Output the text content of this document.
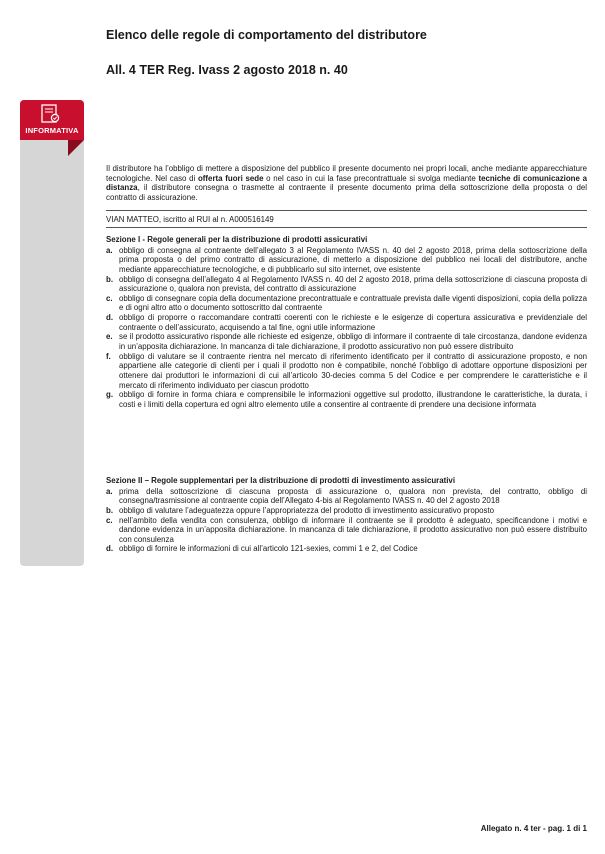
Elenco delle regole di comportamento del distributore
All. 4 TER Reg. Ivass 2 agosto 2018 n. 40
INFORMATIVA
Il distributore ha l’obbligo di mettere a disposizione del pubblico il presente documento nei propri locali, anche mediante apparecchiature tecnologiche. Nel caso di offerta fuori sede o nel caso in cui la fase precontrattuale si svolga mediante tecniche di comunicazione a distanza, il distributore consegna o trasmette al contraente il presente documento prima della sottoscrizione della proposta o del contratto di assicurazione.
VIAN MATTEO, iscritto al RUI al n. A000516149
Sezione I - Regole generali per la distribuzione di prodotti assicurativi
a. obbligo di consegna al contraente dell’allegato 3 al Regolamento IVASS n. 40 del 2 agosto 2018, prima della sottoscrizione della prima proposta o del primo contratto di assicurazione, di metterlo a disposizione del pubblico nei locali del distributore, anche mediante apparecchiature tecnologiche, e di pubblicarlo sul sito internet, ove esistente
b. obbligo di consegna dell’allegato 4 al Regolamento IVASS n. 40 del 2 agosto 2018, prima della sottoscrizione di ciascuna proposta di assicurazione o, qualora non prevista, del contratto di assicurazione
c. obbligo di consegnare copia della documentazione precontrattuale e contrattuale prevista dalle vigenti disposizioni, copia della polizza e di ogni altro atto o documento sottoscritto dal contraente
d. obbligo di proporre o raccomandare contratti coerenti con le richieste e le esigenze di copertura assicurativa e previdenziale del contraente o dell’assicurato, acquisendo a tal fine, ogni utile informazione
e. se il prodotto assicurativo risponde alle richieste ed esigenze, obbligo di informare il contraente di tale circostanza, dandone evidenza in un’apposita dichiarazione. In mancanza di tale dichiarazione, il prodotto assicurativo non può essere distribuito
f.	obbligo di valutare se il contraente rientra nel mercato di riferimento identificato per il contratto di assicurazione proposto, e non appartiene alle categorie di clienti per i quali il prodotto non è compatibile, nonché l’obbligo di adottare opportune disposizioni per ottenere dai produttori le informazioni di cui all’articolo 30-decies comma 5 del Codice e per comprendere le caratteristiche e il mercato di riferimento individuato per ciascun prodotto
g. obbligo di fornire in forma chiara e comprensibile le informazioni oggettive sul prodotto, illustrandone le caratteristiche, la durata, i costi e i limiti della copertura ed ogni altro elemento utile a consentire al contraente di prendere una decisione informata
Sezione II – Regole supplementari per la distribuzione di prodotti di investimento assicurativi
a. prima della sottoscrizione di ciascuna proposta di assicurazione o, qualora non prevista, del contratto, obbligo di consegna/trasmissione al contraente copia dell’Allegato 4-bis al Regolamento IVASS n. 40 del 2 agosto 2018
b. obbligo di valutare l’adeguatezza oppure l’appropriatezza del prodotto di investimento assicurativo proposto
c. nell’ambito della vendita con consulenza, obbligo di informare il contraente se il prodotto è adeguato, specificandone i motivi e dandone evidenza in un’apposita dichiarazione. In mancanza di tale dichiarazione, il prodotto assicurativo non può essere distribuito con consulenza
d. obbligo di fornire le informazioni di cui all’articolo 121-sexies, commi 1 e 2, del Codice
Allegato n. 4 ter - pag. 1 di 1
